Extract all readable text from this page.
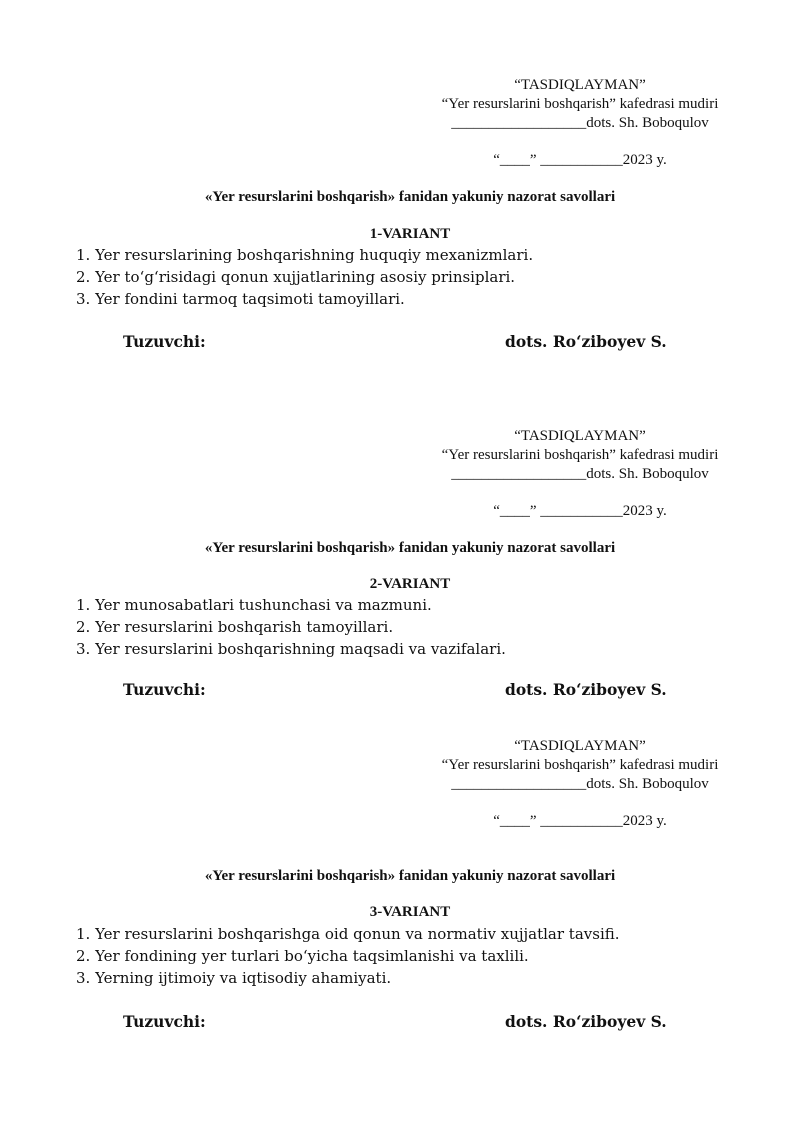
“TASDIQLAYMAN”
“Yer resurslarini boshqarish” kafedrasi mudiri
__________________dots. Sh. Boboqulov
“____” ___________2023 y.
«Yer resurslarini boshqarish» fanidan yakuniy nazorat savollari
1-VARIANT
1. Yer resurslarining boshqarishning huquqiy mexanizmlari.
2. Yer to‘g‘risidagi qonun xujjatlarining asosiy prinsiplari.
3. Yer fondini tarmoq taqsimoti tamoyillari.
Tuzuvchi:	dots. Ro‘ziboyev S.
“TASDIQLAYMAN”
“Yer resurslarini boshqarish” kafedrasi mudiri
__________________dots. Sh. Boboqulov
“____” ___________2023 y.
«Yer resurslarini boshqarish» fanidan yakuniy nazorat savollari
2-VARIANT
1. Yer munosabatlari tushunchasi va mazmuni.
2. Yer resurslarini boshqarish tamoyillari.
3. Yer resurslarini boshqarishning maqsadi va vazifalari.
Tuzuvchi:	dots. Ro‘ziboyev S.
“TASDIQLAYMAN”
“Yer resurslarini boshqarish” kafedrasi mudiri
__________________dots. Sh. Boboqulov
“____” ___________2023 y.
«Yer resurslarini boshqarish» fanidan yakuniy nazorat savollari
3-VARIANT
1. Yer resurslarini boshqarishga oid qonun va normativ xujjatlar tavsifi.
2. Yer fondining yer turlari bo‘yicha taqsimlanishi va taxlili.
3. Yerning ijtimoiy va iqtisodiy ahamiyati.
Tuzuvchi:	dots. Ro‘ziboyev S.
